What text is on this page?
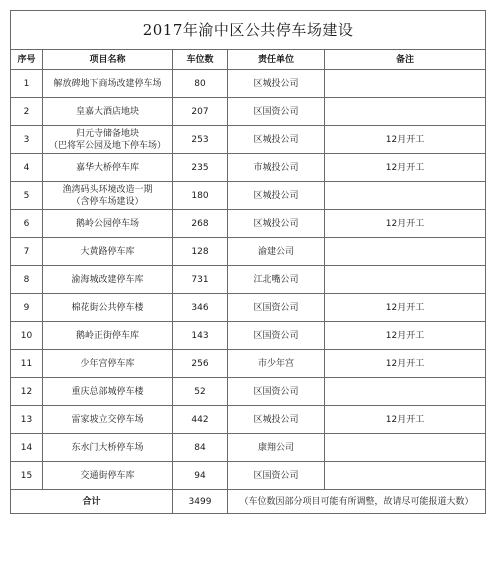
2017年渝中区公共停车场建设				
序号	项目名称	车位数	责任单位	备注
1	解放碑地下商场改建停车场	80	区城投公司	
2	皇嘉大酒店地块	207	区国资公司	
3	归元寺储备地块
（巴将军公园及地下停车场）	253	区城投公司	12月开工
4	嘉华大桥停车库	235	市城投公司	12月开工
5	渔湾码头环境改造一期
（含停车场建设）	180	区城投公司	
6	鹅岭公园停车场	268	区城投公司	12月开工
7	大黄路停车库	128	渝建公司	
8	渝海城改建停车库	731	江北嘴公司	
9	棉花街公共停车楼	346	区国资公司	12月开工
10	鹅岭正街停车库	143	区国资公司	12月开工
11	少年宫停车库	256	市少年宫	12月开工
12	重庆总部城停车楼	52	区国资公司	
13	雷家坡立交停车场	442	区城投公司	12月开工
14	东水门大桥停车场	84	康翔公司	
15	交通街停车库	94	区国资公司	
合计		3499	（车位数因部分项目可能有所调整，故请尽可能报道大数）	
